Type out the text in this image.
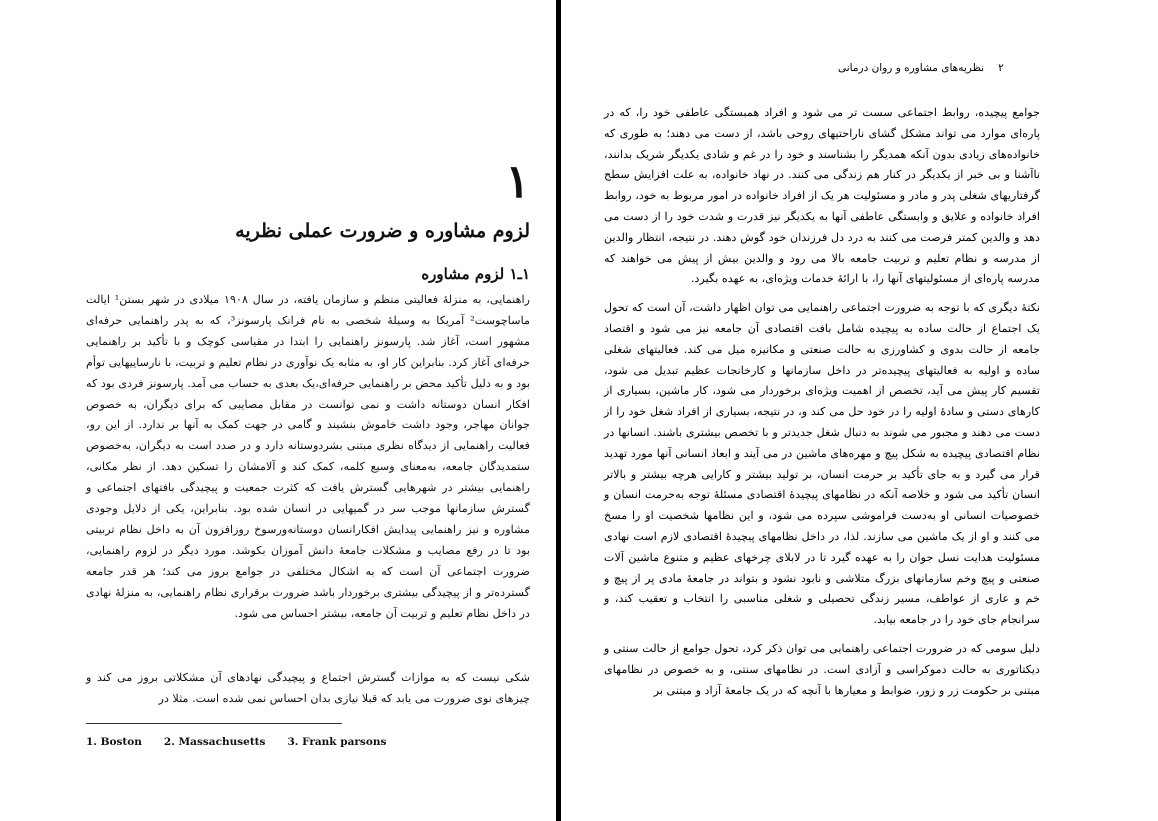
۱
لزوم مشاوره و ضرورت عملی نظریه
۱ـ۱ لزوم مشاوره

راهنمایی، به منزلهٔ فعالیتی منظم و سازمان یافته، در سال ۱۹۰۸ میلادی در شهر بستن¹ ایالت ماساچوست² آمریکا به وسیلهٔ شخصی به نام فرانک پارسونز³، که به پدر راهنمایی حرفه‌ای مشهور است، آغاز شد. پارسونز راهنمایی را ابتدا در مقیاسی کوچک و با تأکید بر راهنمایی حرفه‌ای آغاز کرد. بنابراین کار او، به مثابه یک نوآوری در نظام تعلیم و تربیت، با نارساییهایی توأم بود و به دلیل تأکید محض بر راهنمایی حرفه‌ای،یک بعدی به حساب می آمد. پارسونز فردی بود که افکار انسان دوستانه داشت و نمی توانست در مقابل مصایبی که برای دیگران، به خصوص جوانان مهاجر، وجود داشت خاموش بنشیند و گامی در جهت کمک به آنها بر ندارد. از این رو، فعالیت راهنمایی از دیدگاه نظری مبتنی بشردوستانه دارد و در صدد است به دیگران، به‌خصوص ستمدیدگان جامعه، به‌معنای وسیع کلمه، کمک کند و آلامشان را تسکین دهد. از نظر مکانی، راهنمایی بیشتر در شهرهایی گسترش یافت که کثرت جمعیت و پیچیدگی بافتهای اجتماعی و گسترش سازمانها موجب سر در گمیهایی در انسان شده بود. بنابراین، یکی از دلایل وجودی مشاوره و نیز راهنمایی پیدایش افکارانسان دوستانه‌ورسوخ روزافزون آن به داخل نظام تربیتی بود تا در رفع مصایب و مشکلات جامعهٔ دانش آموزان بکوشد. مورد دیگر در لزوم راهنمایی، ضرورت اجتماعی آن است که به اشکال مختلفی در جوامع بروز می کند؛ هر قدر جامعه گسترده‌تر و از پیچیدگی بیشتری برخوردار باشد ضرورت برقراری نظام راهنمایی، به منزلهٔ نهادی در داخل نظام تعلیم و تربیت آن جامعه، بیشتر احساس می شود.

شکی نیست که به موازات گسترش اجتماع و پیچیدگی نهادهای آن مشکلاتی بروز می کند و چیزهای نوی ضرورت می یابد که قبلا نیازی بدان احساس نمی شده است. مثلا در

1. Boston 2. Massachusetts 3. Frank parsons
۲
نظریه‌های مشاوره و روان درمانی

جوامع پیچیده، روابط اجتماعی سست تر می شود و افراد همبستگی عاطفی خود را، که در پاره‌ای موارد می تواند مشکل گشای ناراحتیهای روحی باشد، از دست می دهند؛ به طوری که خانواده‌های زیادی بدون آنکه همدیگر را بشناسند و خود را در غم و شادی یکدیگر شریک بدانند، ناآشنا و بی خبر از یکدیگر در کنار هم زندگی می کنند. در نهاد خانواده، به علت افزایش سطح گرفتاریهای شغلی پدر و مادر و مسئولیت هر یک از افراد خانواده در امور مربوط به خود، روابط افراد خانواده و علایق و وابستگی عاطفی آنها به یکدیگر نیز قدرت و شدت خود را از دست می دهد و والدین کمتر فرصت می کنند به درد دل فرزندان خود گوش دهند. در نتیجه، انتظار والدین از مدرسه و نظام تعلیم و تربیت جامعه بالا می رود و والدین بیش از پیش می خواهند که مدرسه پاره‌ای از مسئولیتهای آنها را، با ارائهٔ خدمات ویژه‌ای، به عهده بگیرد.

نکتهٔ دیگری که با توجه به ضرورت اجتماعی راهنمایی می توان اظهار داشت، آن است که تحول یک اجتماع از حالت ساده به پیچیده شامل بافت اقتصادی آن جامعه نیز می شود و اقتصاد جامعه از حالت بدوی و کشاورزی به حالت صنعتی و مکانیزه میل می کند. فعالیتهای شغلی ساده و اولیه به فعالیتهای پیچیده‌تر در داخل سازمانها و کارخانجات عظیم تبدیل می شود، تقسیم کار پیش می آید، تخصص از اهمیت ویژه‌ای برخوردار می شود، کار ماشین، بسیاری از کارهای دستی و سادهٔ اولیه را در خود حل می کند و، در نتیجه، بسیاری از افراد شغل خود را از دست می دهند و مجبور می شوند به دنبال شغل جدیدتر و با تخصص بیشتری باشند. انسانها در نظام اقتصادی پیچیده به شکل پیچ و مهره‌های ماشین در می آیند و ابعاد انسانی آنها مورد تهدید قرار می گیرد و به جای تأکید بر حرمت انسان، بر تولید بیشتر و کارایی هرچه بیشتر و بالاتر انسان تأکید می شود و خلاصه آنکه در نظامهای پیچیدهٔ اقتصادی مسئلهٔ توجه به‌حرمت انسان و خصوصیات انسانی او به‌دست فراموشی سپرده می شود، و این نظامها شخصیت او را مسخ می کنند و او از یک ماشین می سازند. لذا، در داخل نظامهای پیچیدهٔ اقتصادی لازم است نهادی مسئولیت هدایت نسل جوان را به عهده گیرد تا در لابلای چرخهای عظیم و متنوع ماشین آلات صنعتی و پیچ وخم سازمانهای بزرگ متلاشی و نابود نشود و بتواند در جامعهٔ مادی پر از پیچ و خم و عاری از عواطف، مسیر زندگی تحصیلی و شغلی مناسبی را انتخاب و تعقیب کند، و سرانجام جای خود را در جامعه بیابد.

دلیل سومی که در ضرورت اجتماعی راهنمایی می توان ذکر کرد، تحول جوامع از حالت سنتی و دیکتاتوری به حالت دموکراسی و آزادی است. در نظامهای سنتی، و به خصوص در نظامهای مبتنی بر حکومت زر و زور، ضوابط و معیارها با آنچه که در یک جامعهٔ آزاد و مبتنی بر
